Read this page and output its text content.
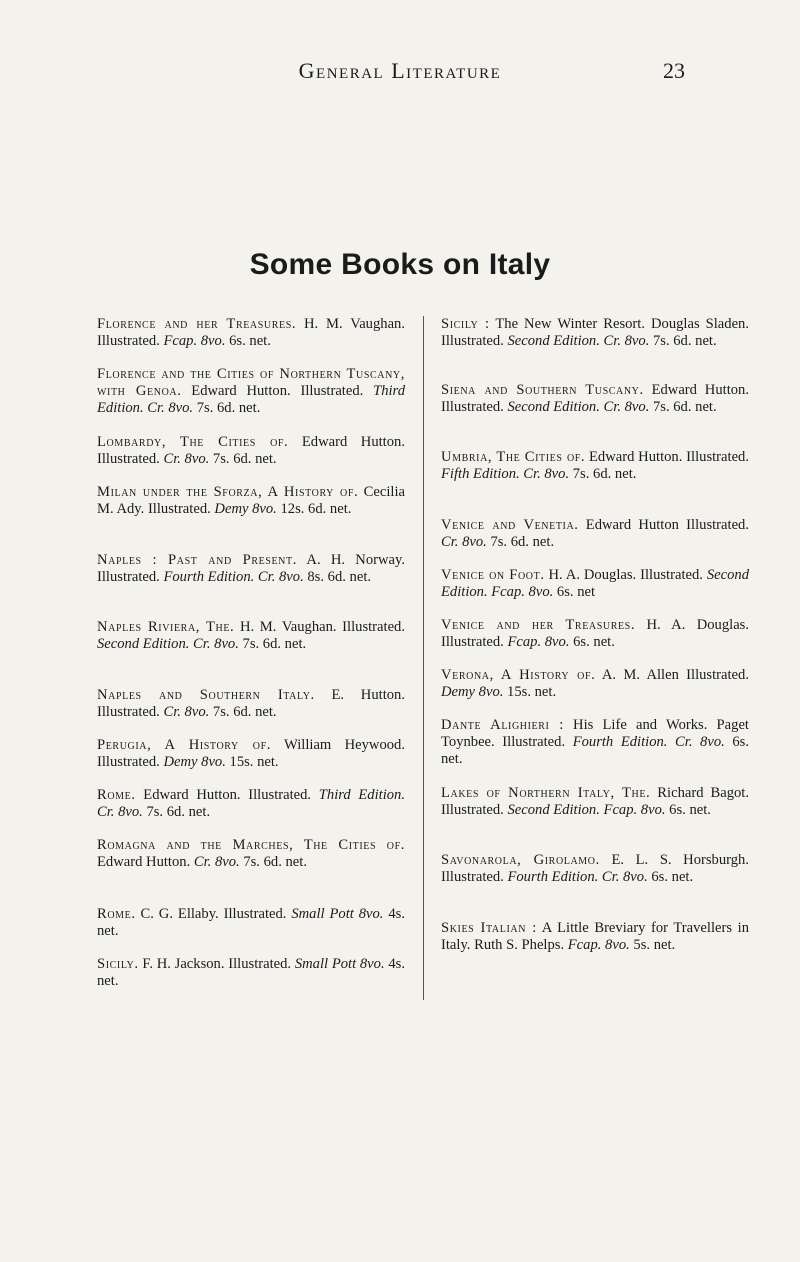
General Literature	23
Some Books on Italy

Florence and her Treasures. H. M. Vaughan. Illustrated. Fcap. 8vo. 6s. net.

Florence and the Cities of Northern Tuscany, with Genoa. Edward Hutton. Illustrated. Third Edition. Cr. 8vo. 7s. 6d. net.

Lombardy, The Cities of. Edward Hutton. Illustrated. Cr. 8vo. 7s. 6d. net.

Milan under the Sforza, A History of. Cecilia M. Ady. Illustrated. Demy 8vo. 12s. 6d. net.

Naples : Past and Present. A. H. Norway. Illustrated. Fourth Edition. Cr. 8vo. 8s. 6d. net.

Naples Riviera, The. H. M. Vaughan. Illustrated. Second Edition. Cr. 8vo. 7s. 6d. net.

Naples and Southern Italy. E. Hutton. Illustrated. Cr. 8vo. 7s. 6d. net.

Perugia, A History of. William Heywood. Illustrated. Demy 8vo. 15s. net.

Rome. Edward Hutton. Illustrated. Third Edition. Cr. 8vo. 7s. 6d. net.

Romagna and the Marches, The Cities of. Edward Hutton. Cr. 8vo. 7s. 6d. net.

Rome. C. G. Ellaby. Illustrated. Small Pott 8vo. 4s. net.

Sicily. F. H. Jackson. Illustrated. Small Pott 8vo. 4s. net.

Sicily : The New Winter Resort. Douglas Sladen. Illustrated. Second Edition. Cr. 8vo. 7s. 6d. net.

Siena and Southern Tuscany. Edward Hutton. Illustrated. Second Edition. Cr. 8vo. 7s. 6d. net.

Umbria, The Cities of. Edward Hutton. Illustrated. Fifth Edition. Cr. 8vo. 7s. 6d. net.

Venice and Venetia. Edward Hutton Illustrated. Cr. 8vo. 7s. 6d. net.

Venice on Foot. H. A. Douglas. Illustrated. Second Edition. Fcap. 8vo. 6s. net

Venice and her Treasures. H. A. Douglas. Illustrated. Fcap. 8vo. 6s. net.

Verona, A History of. A. M. Allen Illustrated. Demy 8vo. 15s. net.

Dante Alighieri : His Life and Works. Paget Toynbee. Illustrated. Fourth Edition. Cr. 8vo. 6s. net.

Lakes of Northern Italy, The. Richard Bagot. Illustrated. Second Edition. Fcap. 8vo. 6s. net.

Savonarola, Girolamo. E. L. S. Horsburgh. Illustrated. Fourth Edition. Cr. 8vo. 6s. net.

Skies Italian : A Little Breviary for Travellers in Italy. Ruth S. Phelps. Fcap. 8vo. 5s. net.
